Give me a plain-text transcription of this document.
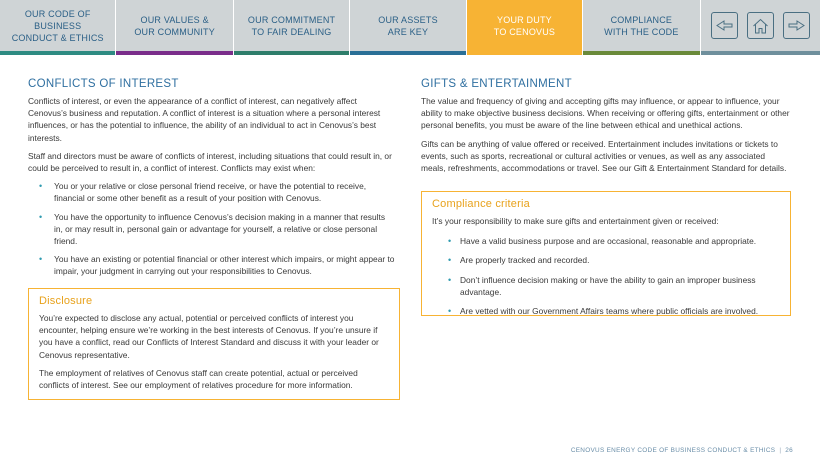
OUR CODE OF BUSINESS
CONDUCT & ETHICS
OUR VALUES &
OUR COMMUNITY
OUR COMMITMENT
TO FAIR DEALING
OUR ASSETS
ARE KEY
YOUR DUTY
TO CENOVUS
COMPLIANCE
WITH THE CODE
CONFLICTS OF INTEREST

Conflicts of interest, or even the appearance of a conflict of interest, can negatively affect Cenovus’s business and reputation. A conflict of interest is a situation where a personal interest influences, or has the potential to influence, the ability of an individual to act in Cenovus’s best interests.

Staff and directors must be aware of conflicts of interest, including situations that could result in, or could be perceived to result in, a conflict of interest. Conflicts may exist when:

• You or your relative or close personal friend receive, or have the potential to receive, financial or some other benefit as a result of your position with Cenovus.
• You have the opportunity to influence Cenovus’s decision making in a manner that results in, or may result in, personal gain or advantage for yourself, a relative or close personal friend.
• You have an existing or potential financial or other interest which impairs, or might appear to impair, your judgment in carrying out your responsibilities to Cenovus.
Disclosure

You’re expected to disclose any actual, potential or perceived conflicts of interest you encounter, helping ensure we’re working in the best interests of Cenovus. If you’re unsure if you have a conflict, read our Conflicts of Interest Standard and discuss it with your leader or Cenovus representative.

The employment of relatives of Cenovus staff can create potential, actual or perceived conflicts of interest. See our employment of relatives procedure for more information.

GIFTS & ENTERTAINMENT

The value and frequency of giving and accepting gifts may influence, or appear to influence, your ability to make objective business decisions. When receiving or offering gifts, entertainment or other personal benefits, you must be aware of the line between ethical and unethical actions.

Gifts can be anything of value offered or received. Entertainment includes invitations or tickets to events, such as sports, recreational or cultural activities or venues, as well as any associated meals, refreshments, accommodations or travel. See our Gift & Entertainment Standard for details.

Compliance criteria

It’s your responsibility to make sure gifts and entertainment given or received:

• Have a valid business purpose and are occasional, reasonable and appropriate.
• Are properly tracked and recorded.
• Don’t influence decision making or have the ability to gain an improper business advantage.
• Are vetted with our Government Affairs teams where public officials are involved.
CENOVUS ENERGY CODE OF BUSINESS CONDUCT & ETHICS | 26
